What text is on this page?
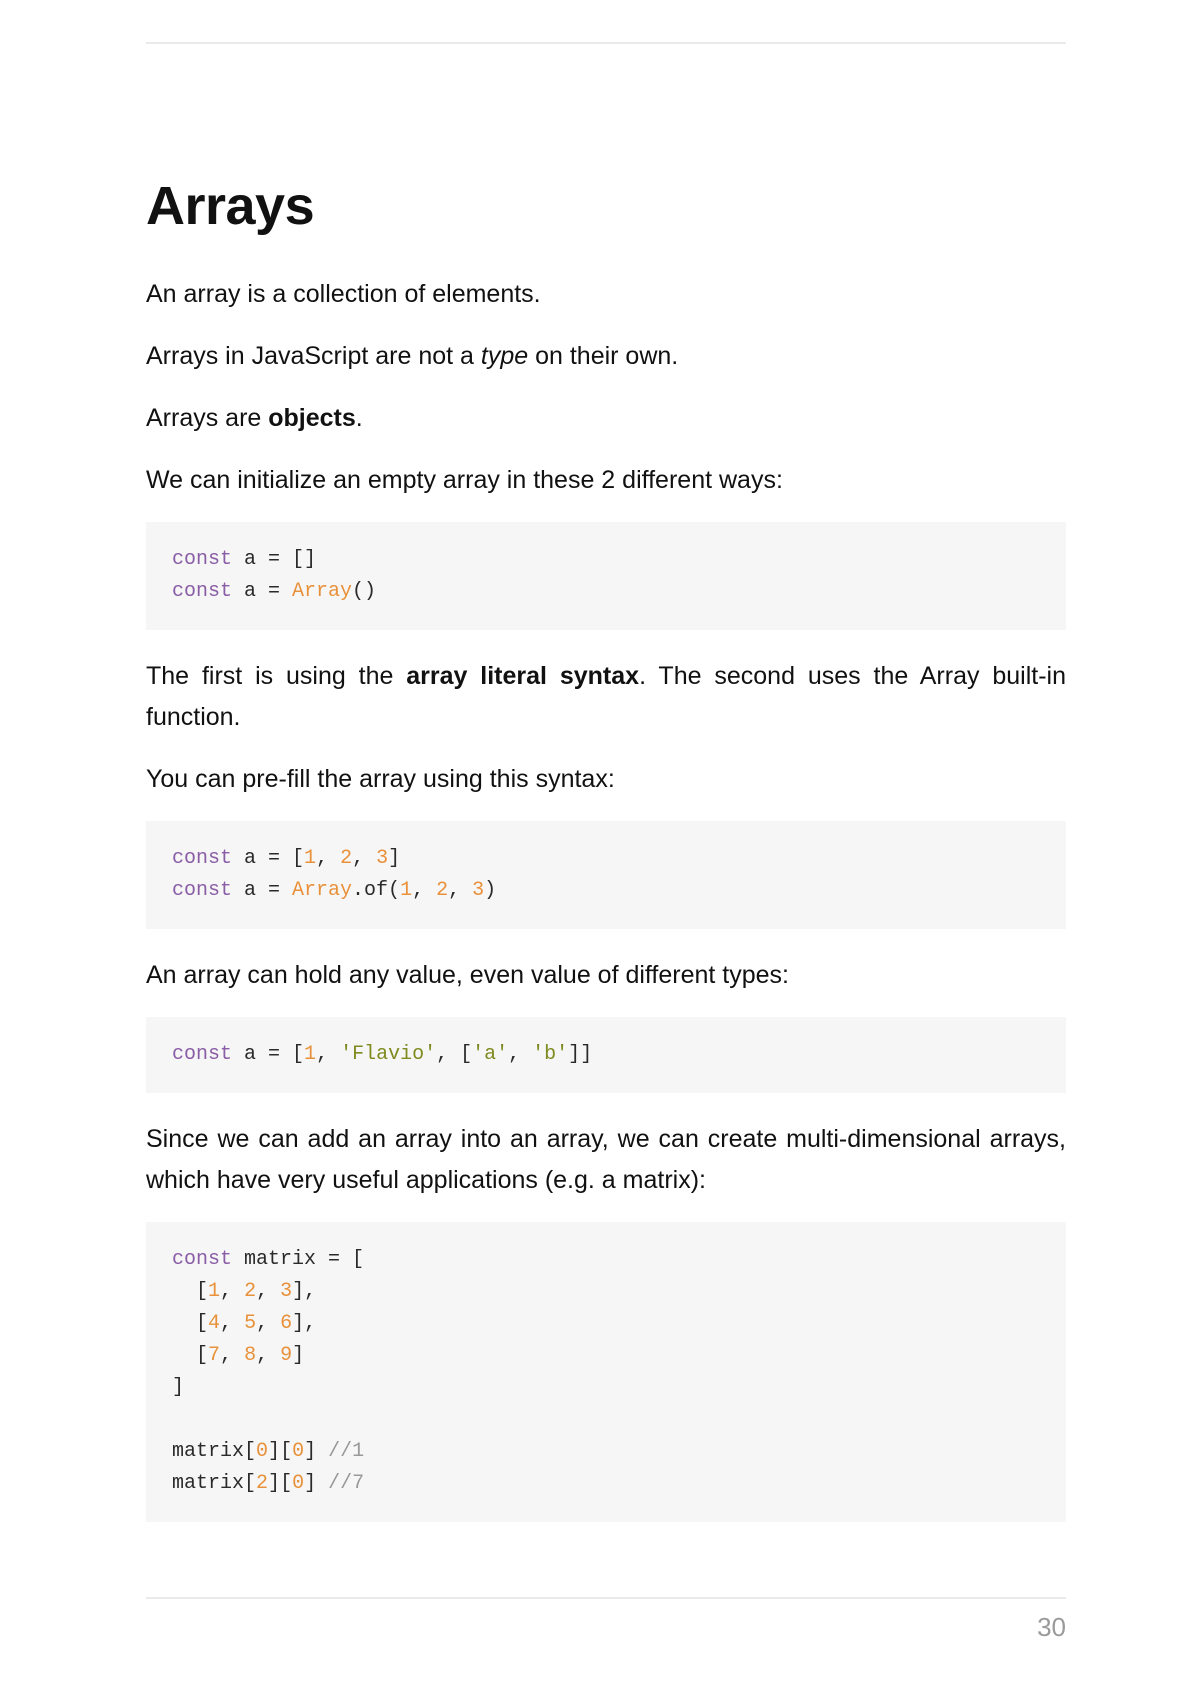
Arrays

An array is a collection of elements.

Arrays in JavaScript are not a type on their own.

Arrays are objects.

We can initialize an empty array in these 2 different ways:

const a = []
const a = Array()

The first is using the array literal syntax. The second uses the Array built-in function.

You can pre-fill the array using this syntax:

const a = [1, 2, 3]
const a = Array.of(1, 2, 3)

An array can hold any value, even value of different types:

const a = [1, 'Flavio', ['a', 'b']]

Since we can add an array into an array, we can create multi-dimensional arrays, which have very useful applications (e.g. a matrix):

const matrix = [
[1, 2, 3],
[4, 5, 6],
[7, 8, 9]
]

matrix[0][0] //1
matrix[2][0] //7
30
